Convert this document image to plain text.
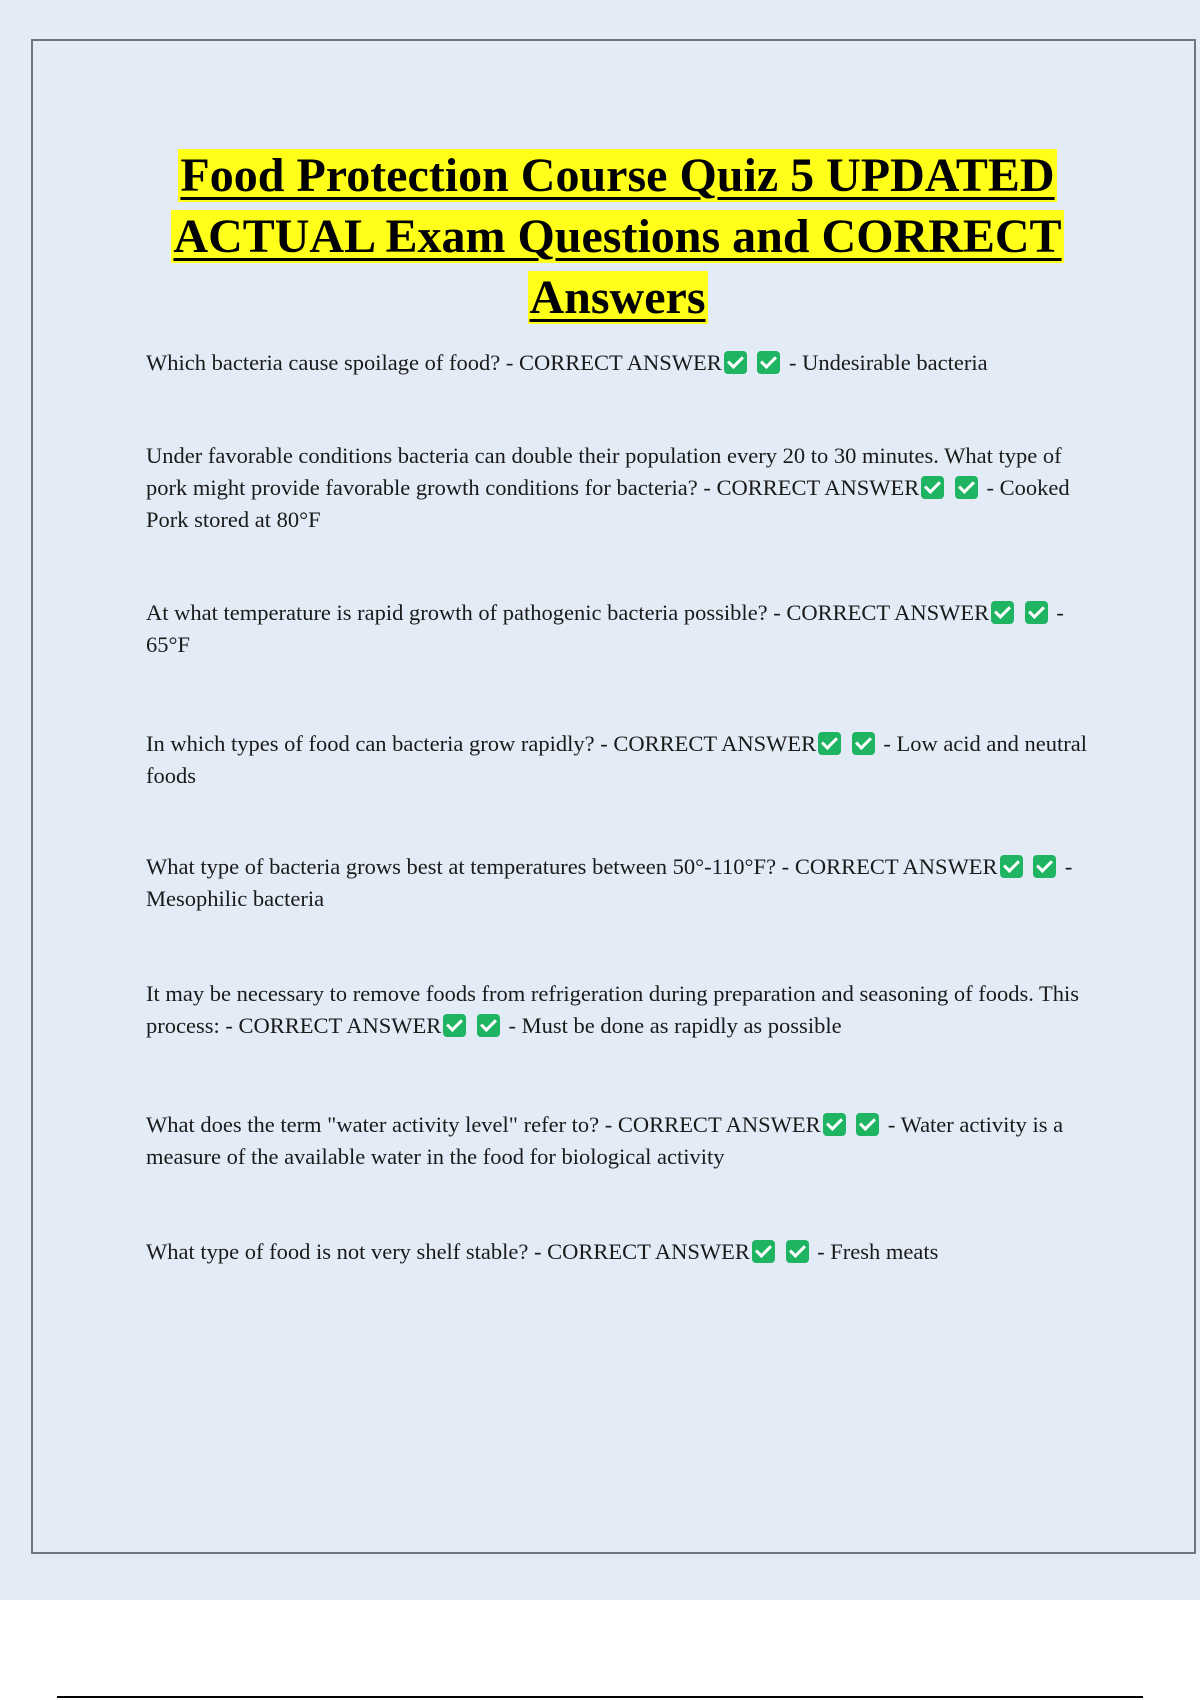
Food Protection Course Quiz 5 UPDATED ACTUAL Exam Questions and CORRECT Answers

Which bacteria cause spoilage of food? - CORRECT ANSWER	- Undesirable bacteria

Under favorable conditions bacteria can double their population every 20 to 30 minutes. What type of pork might provide favorable growth conditions for bacteria? - CORRECT ANSWER	- Cooked Pork stored at 80°F

At what temperature is rapid growth of pathogenic bacteria possible? - CORRECT ANSWER	- 65°F

In which types of food can bacteria grow rapidly? - CORRECT ANSWER	- Low acid and neutral foods

What type of bacteria grows best at temperatures between 50°-110°F? - CORRECT ANSWER	- Mesophilic bacteria

It may be necessary to remove foods from refrigeration during preparation and seasoning of foods. This process: - CORRECT ANSWER	- Must be done as rapidly as possible

What does the term "water activity level" refer to? - CORRECT ANSWER	- Water activity is a measure of the available water in the food for biological activity

What type of food is not very shelf stable? - CORRECT ANSWER	- Fresh meats
